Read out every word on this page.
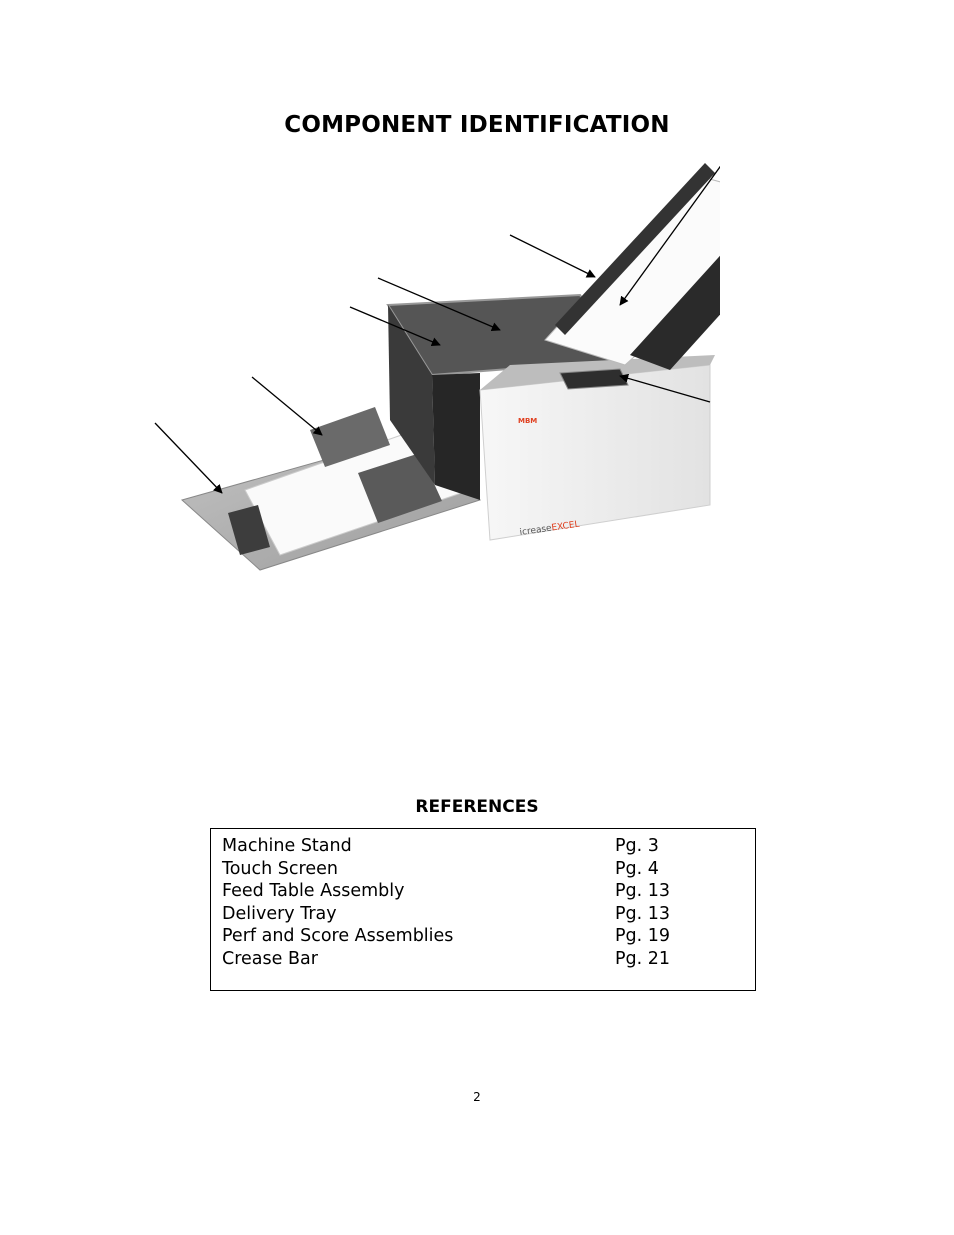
COMPONENT IDENTIFICATION
MBM
icreaseEXCEL
REFERENCES
Machine Stand	Pg. 3
Touch Screen	Pg. 4
Feed Table Assembly	Pg. 13
Delivery Tray	Pg. 13
Perf and Score Assemblies	Pg. 19
Crease Bar	Pg. 21
2
